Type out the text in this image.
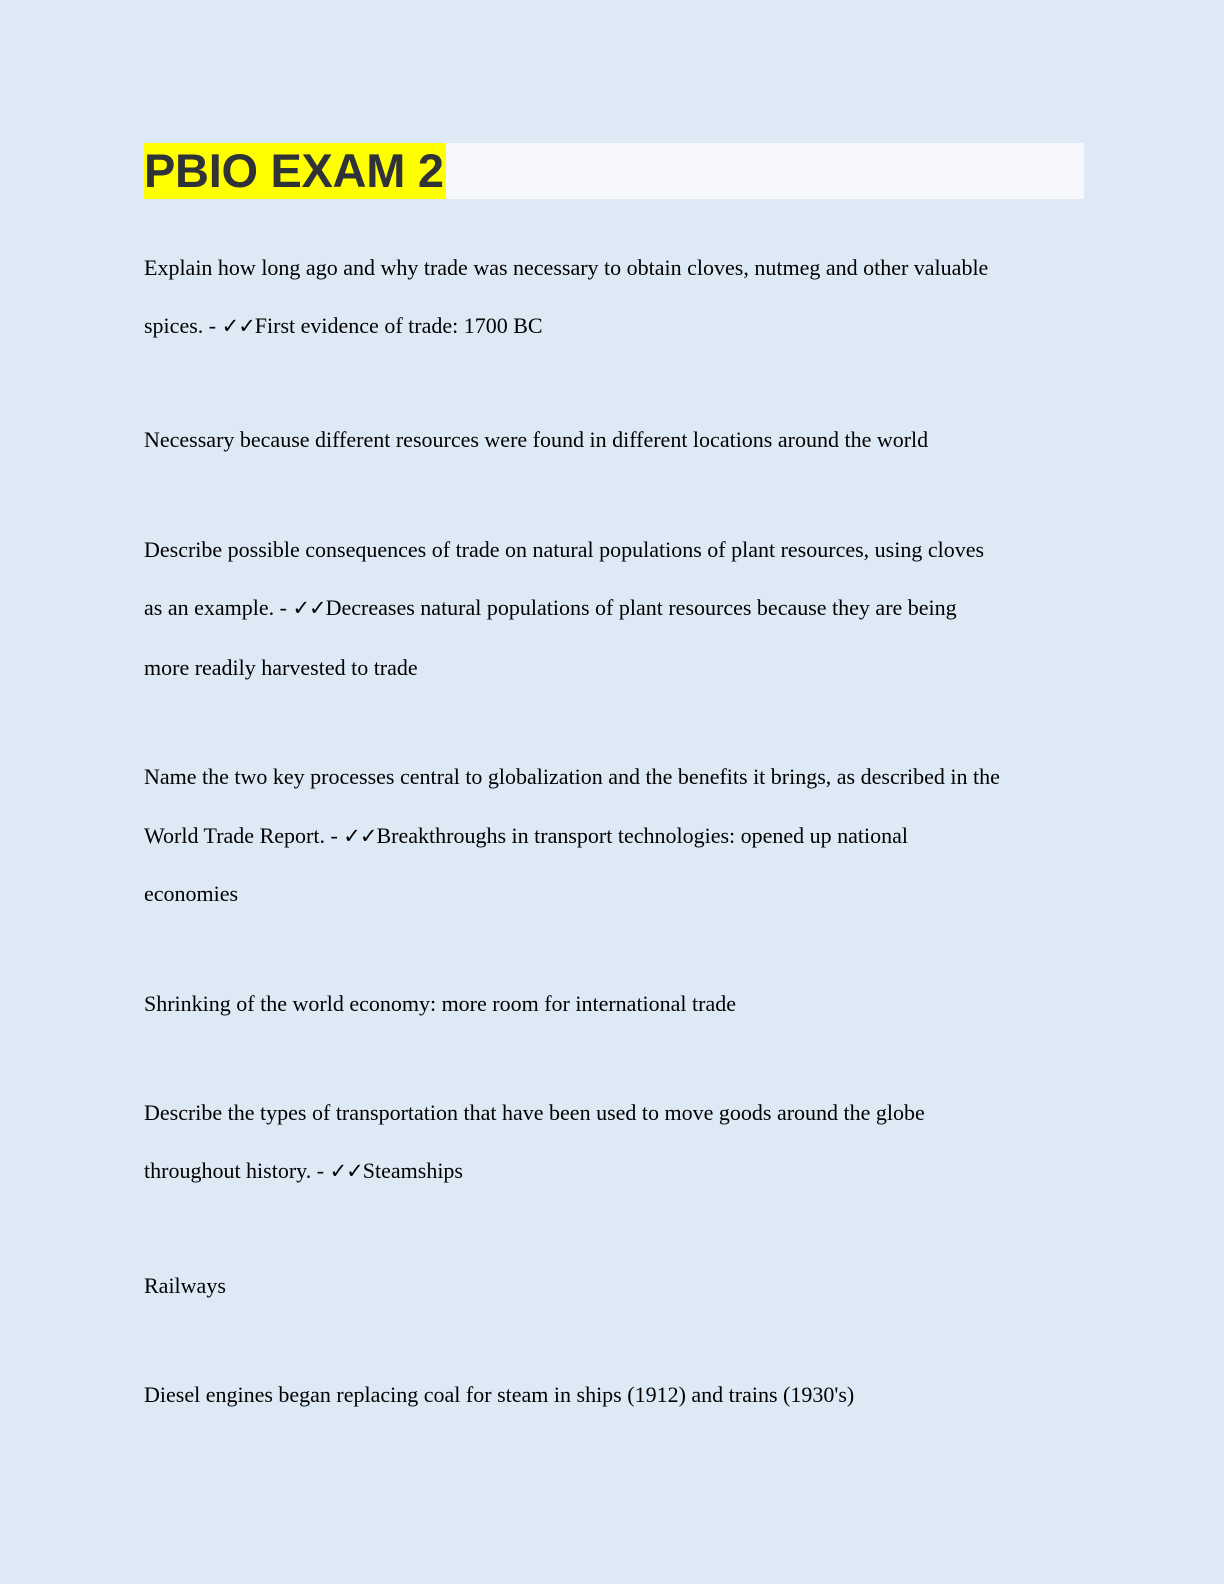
PBIO EXAM 2

Explain how long ago and why trade was necessary to obtain cloves, nutmeg and other valuable

spices. - ✓✓First evidence of trade: 1700 BC

Necessary because different resources were found in different locations around the world

Describe possible consequences of trade on natural populations of plant resources, using cloves

as an example. - ✓✓Decreases natural populations of plant resources because they are being

more readily harvested to trade

Name the two key processes central to globalization and the benefits it brings, as described in the

World Trade Report. - ✓✓Breakthroughs in transport technologies: opened up national

economies

Shrinking of the world economy: more room for international trade

Describe the types of transportation that have been used to move goods around the globe

throughout history. - ✓✓Steamships

Railways

Diesel engines began replacing coal for steam in ships (1912) and trains (1930's)
